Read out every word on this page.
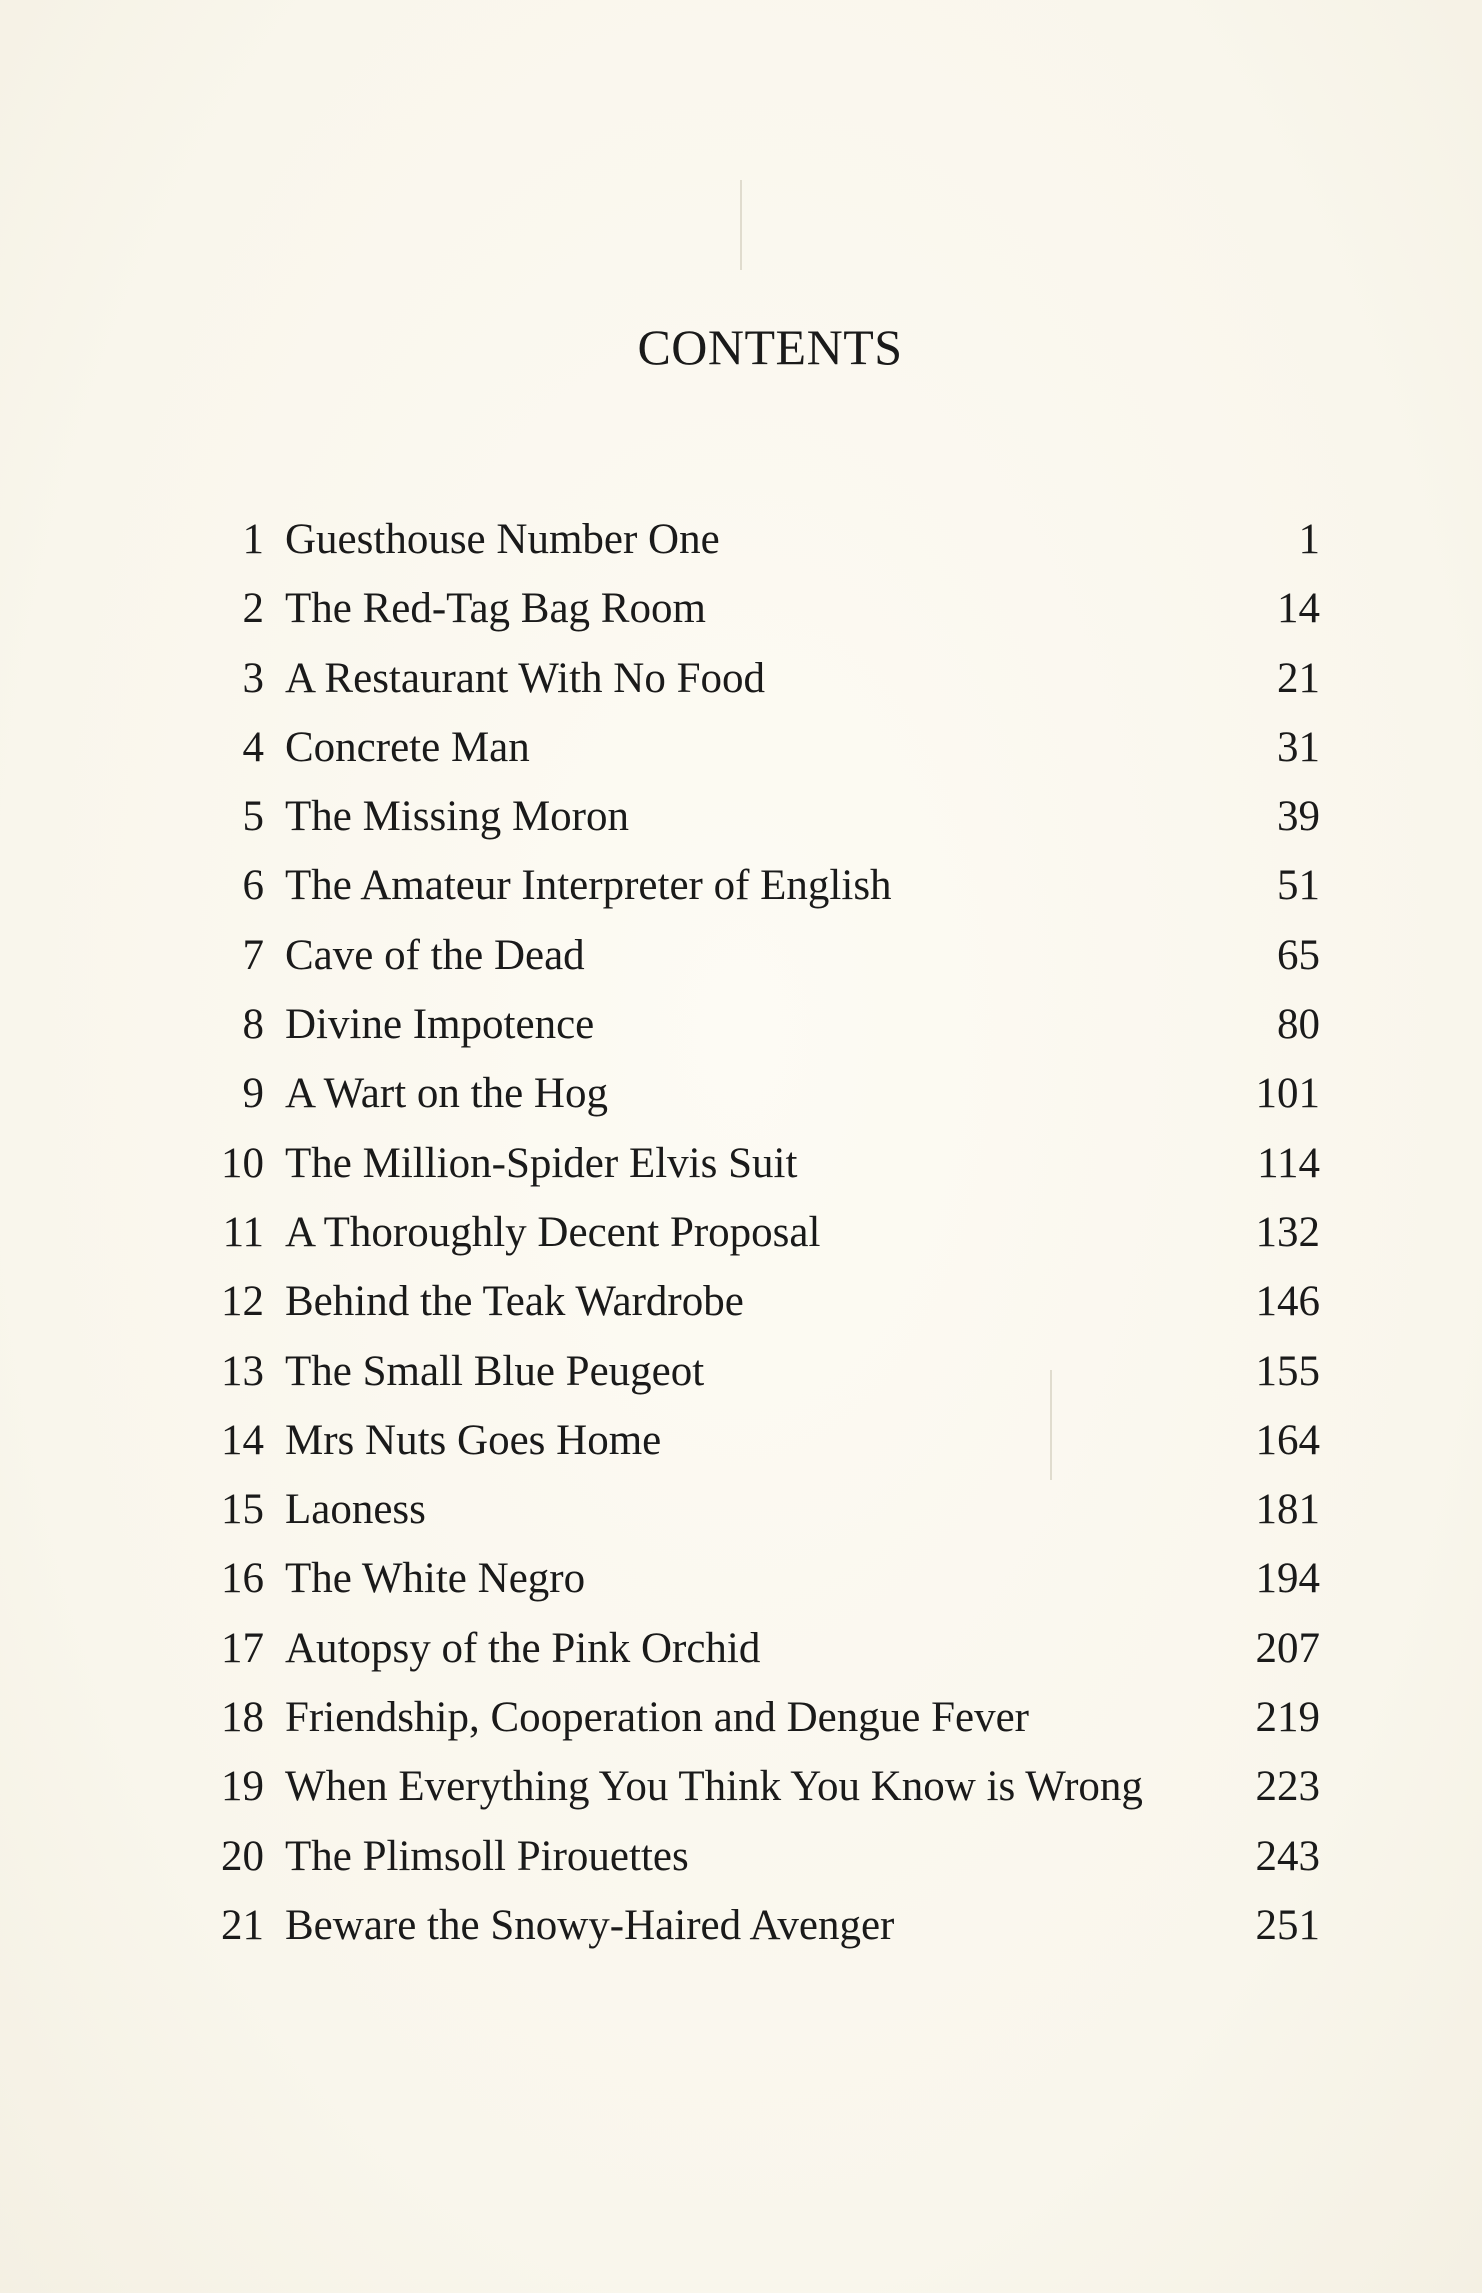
CONTENTS
1 Guesthouse Number One	1
2 The Red-Tag Bag Room	14
3 A Restaurant With No Food	21
4 Concrete Man	31
5 The Missing Moron	39
6 The Amateur Interpreter of English	51
7 Cave of the Dead	65
8 Divine Impotence	80
9 A Wart on the Hog	101
10 The Million-Spider Elvis Suit	114
11 A Thoroughly Decent Proposal	132
12 Behind the Teak Wardrobe	146
13 The Small Blue Peugeot	155
14 Mrs Nuts Goes Home	164
15 Laoness	181
16 The White Negro	194
17 Autopsy of the Pink Orchid	207
18 Friendship, Cooperation and Dengue Fever	219
19 When Everything You Think You Know is Wrong	223
20 The Plimsoll Pirouettes	243
21 Beware the Snowy-Haired Avenger	251
